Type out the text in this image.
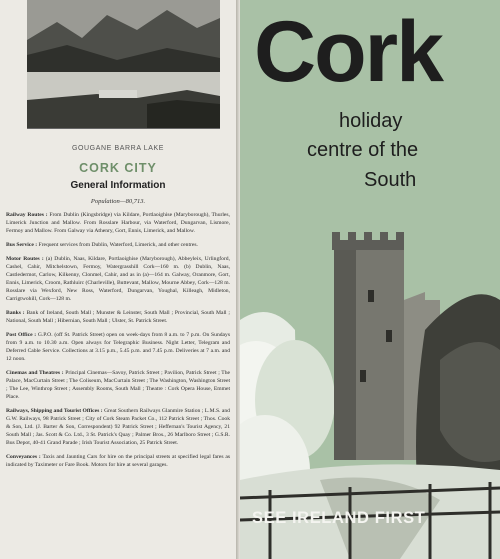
GOUGANE BARRA LAKE
CORK CITY
General Information
Population—80,713.
Railway Routes : From Dublin (Kingsbridge) via Kildare, Portlaoighise (Maryborough), Thurles, Limerick Junction and Mallow. From Rosslare Harbour, via Waterford, Dungarvan, Lismore, Fermoy and Mallow. From Galway via Athenry, Gort, Ennis, Limerick, and Mallow.
Bus Service : Frequent services from Dublin, Waterford, Limerick, and other centres.
Motor Routes : (a) Dublin, Naas, Kildare, Portlaoighise (Maryborough), Abbeyleix, Urlingford, Cashel, Cahir, Mitchelstown, Fermoy, Watergrasshill Cork—160 m. (b) Dublin, Naas, Castledermot, Carlow, Kilkenny, Clonmel, Cahir, and as in (a)—164 m. Galway, Oranmore, Gort, Ennis, Limerick, Croom, Rathluirc (Charleville), Buttevant, Mallow, Mourne Abbey, Cork—128 m. Rosslare via Wexford, New Ross, Waterford, Dungarvan, Youghal, Killeagh, Midleton, Carrigtwohill, Cork—128 m.
Banks : Bank of Ireland, South Mall ; Munster & Leinster, South Mall ; Provincial, South Mall ; National, South Mall ; Hibernian, South Mall ; Ulster, St. Patrick Street.
Post Office : G.P.O. (off St. Patrick Street) open on week-days from 8 a.m. to 7 p.m. On Sundays from 9 a.m. to 10.30 a.m. Open always for Telegraphic Business. Night Letter, Telegram and Deferred Cable Service. Collections at 3.15 p.m., 5.45 p.m. and 7.45 p.m. Deliveries at 7 a.m. and 12 noon.
Cinemas and Theatres : Principal Cinemas—Savoy, Patrick Street ; Pavilion, Patrick Street ; The Palace, MacCurtain Street ; The Coliseum, MacCurtain Street ; The Washington, Washington Street ; The Lee, Winthrop Street ; Assembly Rooms, South Mall ; Theatre : Cork Opera House, Emmet Place.
Railways, Shipping and Tourist Offices : Great Southern Railways Glanmire Station ; L.M.S. and G.W. Railways, 98 Patrick Street ; City of Cork Steam Packet Co., 112 Patrick Street ; Thos. Cook & Son, Ltd. (J. Barter & Son, Correspondent) 92 Patrick Street ; Heffernan's Tourist Agency, 21 South Mall ; Jas. Scott & Co. Ltd., 3 St. Patrick's Quay ; Palmer Bros., 26 Marlboro Street ; G.S.R. Bus Depot, 40-41 Grand Parade ; Irish Tourist Association, 25 Patrick Street.
Conveyances : Taxis and Jaunting Cars for hire on the principal streets at specified legal fares as indicated by Taximeter or Fare Book. Motors for hire at several garages.
Cork
holiday
centre of the
South
SEE IRELAND FIRST
